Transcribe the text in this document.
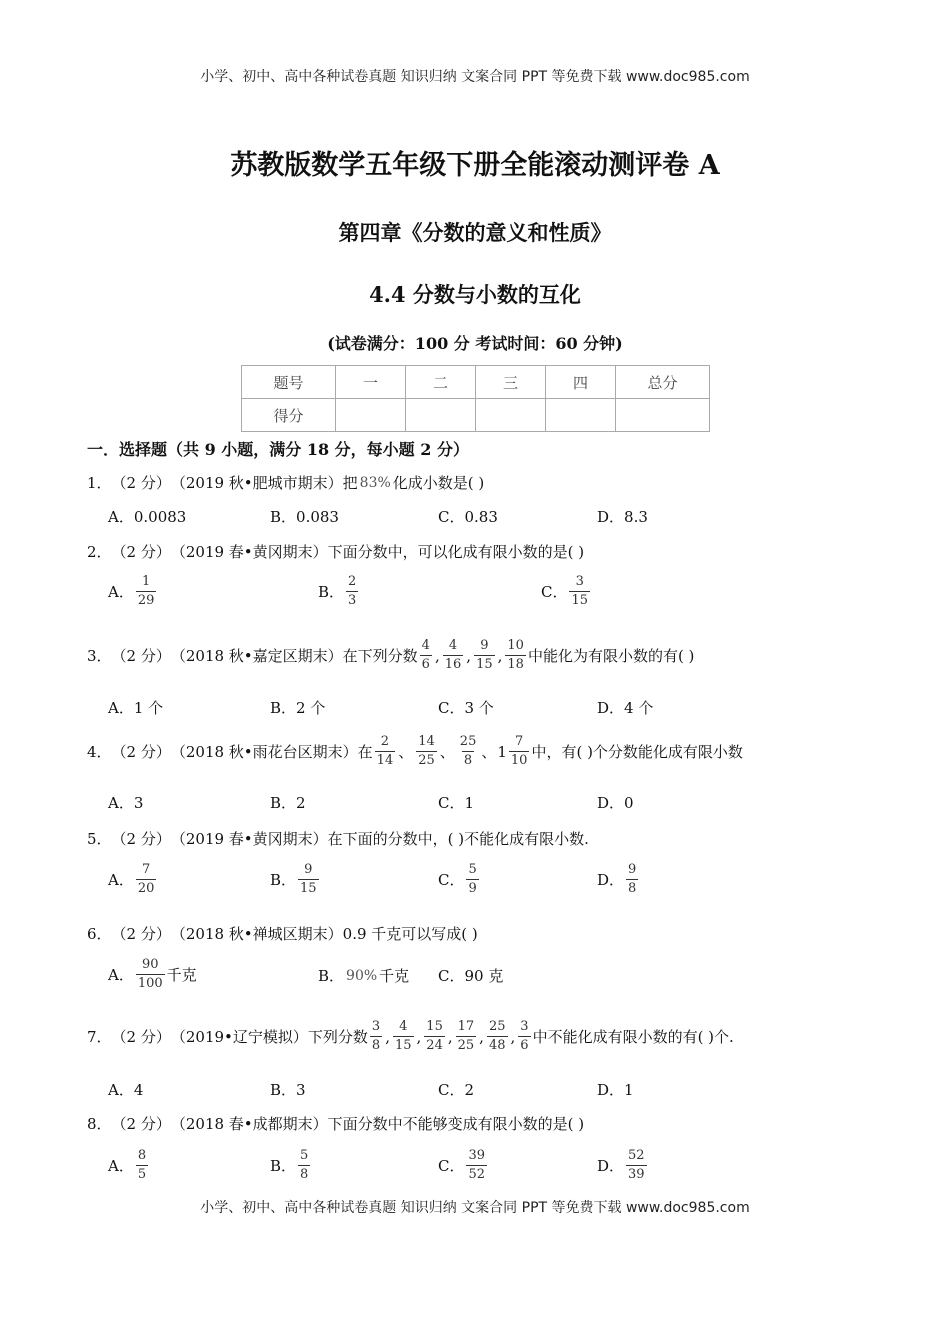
小学、初中、高中各种试卷真题 知识归纳 文案合同 PPT 等免费下载 www.doc985.com
苏教版数学五年级下册全能滚动测评卷 A
第四章《分数的意义和性质》
4.4 分数与小数的互化
(试卷满分：100 分 考试时间：60 分钟)
题号	一	二	三	四	总分
得分					
一．选择题（共 9 小题，满分 18 分，每小题 2 分）
1． （2 分） （2019 秋•肥城市期末） 把 83% 化成小数是( )
A． 0.0083	B． 0.083	C． 0.83	D． 8.3
2． （2 分） （2019 春•黄冈期末） 下面分数中，可以化成有限小数的是( )
A． $\frac{1}{29}$	B． $\frac{2}{3}$	C． $\frac{3}{15}$
3． （2 分） （2018 秋•嘉定区期末） 在下列分数 $\frac{4}{6}$ , $\frac{4}{16}$ , $\frac{9}{15}$ , $\frac{10}{18}$ 中能化为有限小数的有( )
A． 1 个	B． 2 个	C． 3 个	D． 4 个
4． （2 分） （2018 秋•雨花台区期末） 在 $\frac{2}{14}$ 、 $\frac{14}{25}$ 、 $\frac{25}{8}$ 、 $1 \frac{7}{10}$ 中，有( )个分数能化成有限小数
A． 3	B． 2	C． 1	D． 0
5． （2 分） （2019 春•黄冈期末） 在下面的分数中，( )不能化成有限小数.
A． $\frac{7}{20}$	B． $\frac{9}{15}$	C． $\frac{5}{9}$	D． $\frac{9}{8}$
6． （2 分） （2018 秋•禅城区期末） 0.9 千克可以写成( )
A． $\frac{90}{100}$ 千克	B． 90% 千克 C． 90 克
7． （2 分） （2019•辽宁模拟） 下列分数 $\frac{3}{8}$ , $\frac{4}{15}$ , $\frac{15}{24}$ , $\frac{17}{25}$ , $\frac{25}{48}$ , $\frac{3}{6}$ 中不能化成有限小数的有( )个.
A． 4	B． 3	C． 2	D． 1
8． （2 分） （2018 春•成都期末） 下面分数中不能够变成有限小数的是( )
A． $\frac{8}{5}$	B． $\frac{5}{8}$	C． $\frac{39}{52}$	D． $\frac{52}{39}$
小学、初中、高中各种试卷真题 知识归纳 文案合同 PPT 等免费下载 www.doc985.com
